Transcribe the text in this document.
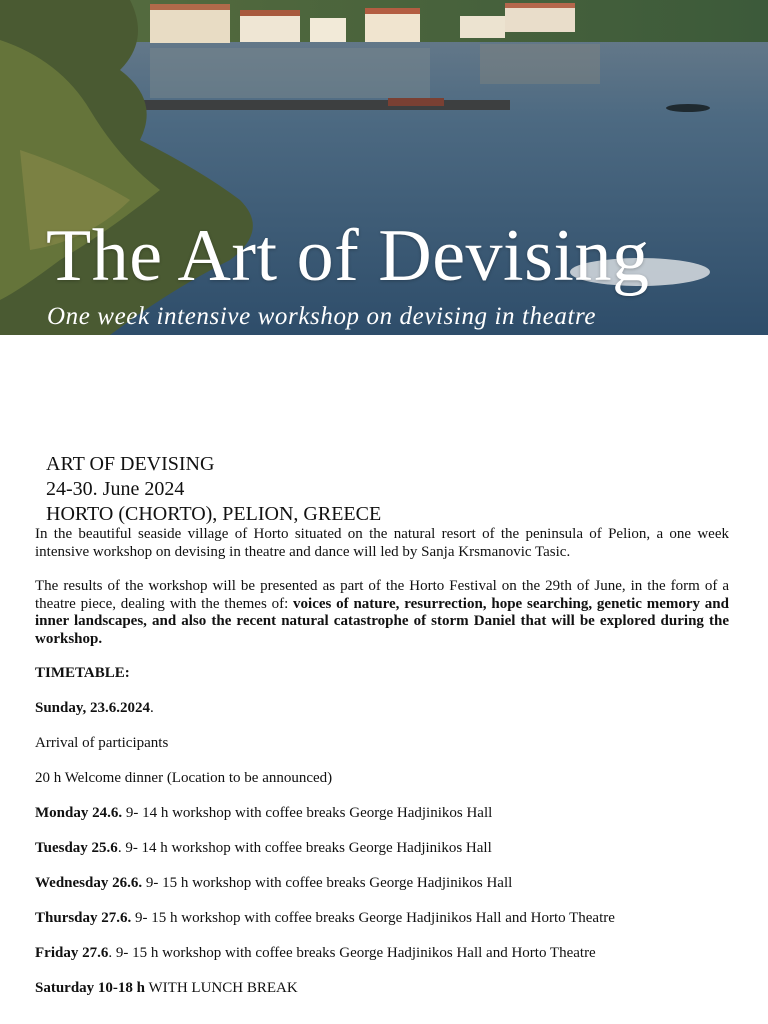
The Art of Devising
One week intensive workshop on devising in theatre
ART OF DEVISING
24-30. June 2024
HORTO (CHORTO), PELION, GREECE

In the beautiful seaside village of Horto situated on the natural resort of the peninsula of Pelion, a one week intensive workshop on devising in theatre and dance will led by Sanja Krsmanovic Tasic.

The results of the workshop will be presented as part of the Horto Festival on the 29th of June, in the form of a theatre piece, dealing with the themes of: voices of nature, resurrection, hope searching, genetic memory and inner landscapes, and also the recent natural catastrophe of storm Daniel that will be explored during the workshop.

TIMETABLE:
Sunday, 23.6.2024.
Arrival of participants
20 h Welcome dinner (Location to be announced)
Monday 24.6. 9- 14 h workshop with coffee breaks George Hadjinikos Hall
Tuesday 25.6. 9- 14 h workshop with coffee breaks George Hadjinikos Hall
Wednesday 26.6. 9- 15 h workshop with coffee breaks George Hadjinikos Hall
Thursday 27.6. 9- 15 h workshop with coffee breaks George Hadjinikos Hall and Horto Theatre
Friday 27.6. 9- 15 h workshop with coffee breaks George Hadjinikos Hall and Horto Theatre
Saturday 10-18 h WITH LUNCH BREAK
